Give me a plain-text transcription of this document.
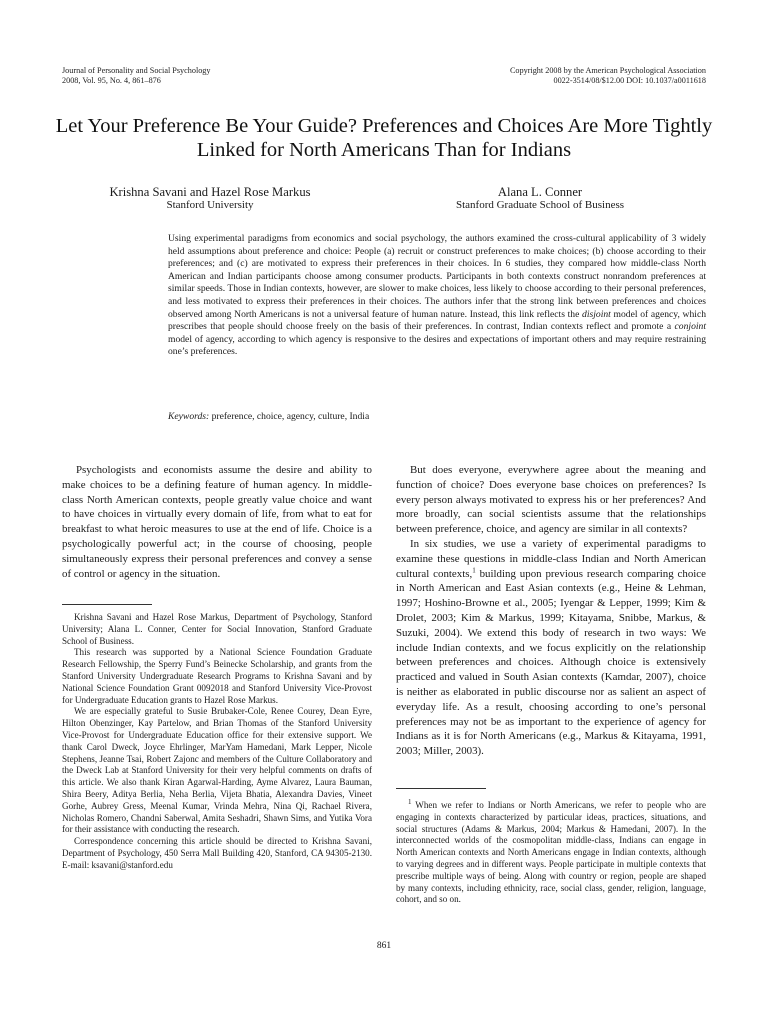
Journal of Personality and Social Psychology
2008, Vol. 95, No. 4, 861–876
Copyright 2008 by the American Psychological Association
0022-3514/08/$12.00 DOI: 10.1037/a0011618
Let Your Preference Be Your Guide? Preferences and Choices Are More Tightly Linked for North Americans Than for Indians
Krishna Savani and Hazel Rose Markus
Stanford University
Alana L. Conner
Stanford Graduate School of Business

Using experimental paradigms from economics and social psychology, the authors examined the cross-cultural applicability of 3 widely held assumptions about preference and choice: People (a) recruit or construct preferences to make choices; (b) choose according to their preferences; and (c) are motivated to express their preferences in their choices. In 6 studies, they compared how middle-class North American and Indian participants choose among consumer products. Participants in both contexts construct nonrandom preferences at similar speeds. Those in Indian contexts, however, are slower to make choices, less likely to choose according to their personal preferences, and less motivated to express their preferences in their choices. The authors infer that the strong link between preferences and choices observed among North Americans is not a universal feature of human nature. Instead, this link reflects the disjoint model of agency, which prescribes that people should choose freely on the basis of their preferences. In contrast, Indian contexts reflect and promote a conjoint model of agency, according to which agency is responsive to the desires and expectations of important others and may require restraining one’s preferences.

Keywords: preference, choice, agency, culture, India

Psychologists and economists assume the desire and ability to make choices to be a defining feature of human agency. In middle-class North American contexts, people greatly value choice and want to have choices in virtually every domain of life, from what to eat for breakfast to what heroic measures to use at the end of life. Choice is a psychologically powerful act; in the course of choosing, people simultaneously express their personal preferences and convey a sense of control or agency in the situation.

Krishna Savani and Hazel Rose Markus, Department of Psychology, Stanford University; Alana L. Conner, Center for Social Innovation, Stanford Graduate School of Business.

This research was supported by a National Science Foundation Graduate Research Fellowship, the Sperry Fund’s Beinecke Scholarship, and grants from the Stanford University Undergraduate Research Programs to Krishna Savani and by National Science Foundation Grant 0092018 and Stanford University Vice-Provost for Undergraduate Education grants to Hazel Rose Markus.

We are especially grateful to Susie Brubaker-Cole, Renee Courey, Dean Eyre, Hilton Obenzinger, Kay Partelow, and Brian Thomas of the Stanford University Vice-Provost for Undergraduate Education office for their extensive support. We thank Carol Dweck, Joyce Ehrlinger, MarYam Hamedani, Mark Lepper, Nicole Stephens, Jeanne Tsai, Robert Zajonc and members of the Culture Collaboratory and the Dweck Lab at Stanford University for their very helpful comments on drafts of this article. We also thank Kiran Agarwal-Harding, Ayme Alvarez, Laura Bauman, Shira Beery, Aditya Berlia, Neha Berlia, Vijeta Bhatia, Alexandra Davies, Vineet Gorhe, Aubrey Gress, Meenal Kumar, Vrinda Mehra, Nina Qi, Rachael Rivera, Nicholas Romero, Chandni Saberwal, Amita Seshadri, Shawn Sims, and Yutika Vora for their assistance with conducting the research.

Correspondence concerning this article should be directed to Krishna Savani, Department of Psychology, 450 Serra Mall Building 420, Stanford, CA 94305-2130. E-mail: ksavani@stanford.edu

But does everyone, everywhere agree about the meaning and function of choice? Does everyone base choices on preferences? Is every person always motivated to express his or her preferences? And more broadly, can social scientists assume that the relationships between preference, choice, and agency are similar in all contexts?

In six studies, we use a variety of experimental paradigms to examine these questions in middle-class Indian and North American cultural contexts,$^1$ building upon previous research comparing choice in North American and East Asian contexts (e.g., Heine & Lehman, 1997; Hoshino-Browne et al., 2005; Iyengar & Lepper, 1999; Kim & Drolet, 2003; Kim & Markus, 1999; Kitayama, Snibbe, Markus, & Suzuki, 2004). We extend this body of research in two ways: We include Indian contexts, and we focus explicitly on the relationship between preferences and choices. Although choice is extensively practiced and valued in South Asian contexts (Kamdar, 2007), choice is neither as elaborated in public discourse nor as salient an aspect of everyday life. As a result, choosing according to one’s personal preferences may not be as important to the experience of agency for Indians as it is for North Americans (e.g., Markus & Kitayama, 1991, 2003; Miller, 2003).

$^1$ When we refer to Indians or North Americans, we refer to people who are engaging in contexts characterized by particular ideas, practices, situations, and social structures (Adams & Markus, 2004; Markus & Hamedani, 2007). In the interconnected worlds of the cosmopolitan middle-class, Indians can engage in North American contexts and North Americans engage in Indian contexts, although to varying degrees and in different ways. People participate in multiple contexts that prescribe multiple ways of being. Along with country or region, people are shaped by many contexts, including ethnicity, race, social class, gender, religion, language, cohort, and so on.

861
